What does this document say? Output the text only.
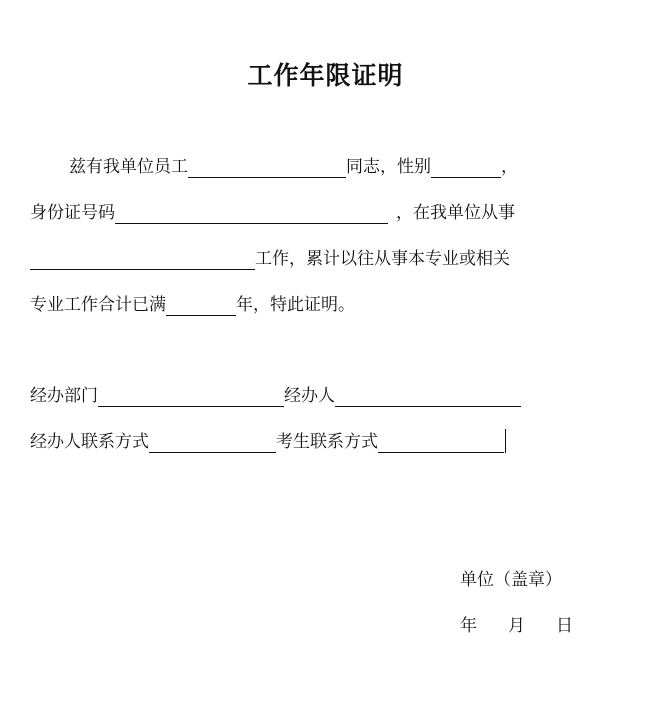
工作年限证明
兹有我单位员工	同志，性别	，
身份证号码	，在我单位从事
工作，累计以往从事本专业或相关
专业工作合计已满	年，特此证明。
经办部门	经办人
经办人联系方式	考生联系方式
单位（盖章）
年 月 日
